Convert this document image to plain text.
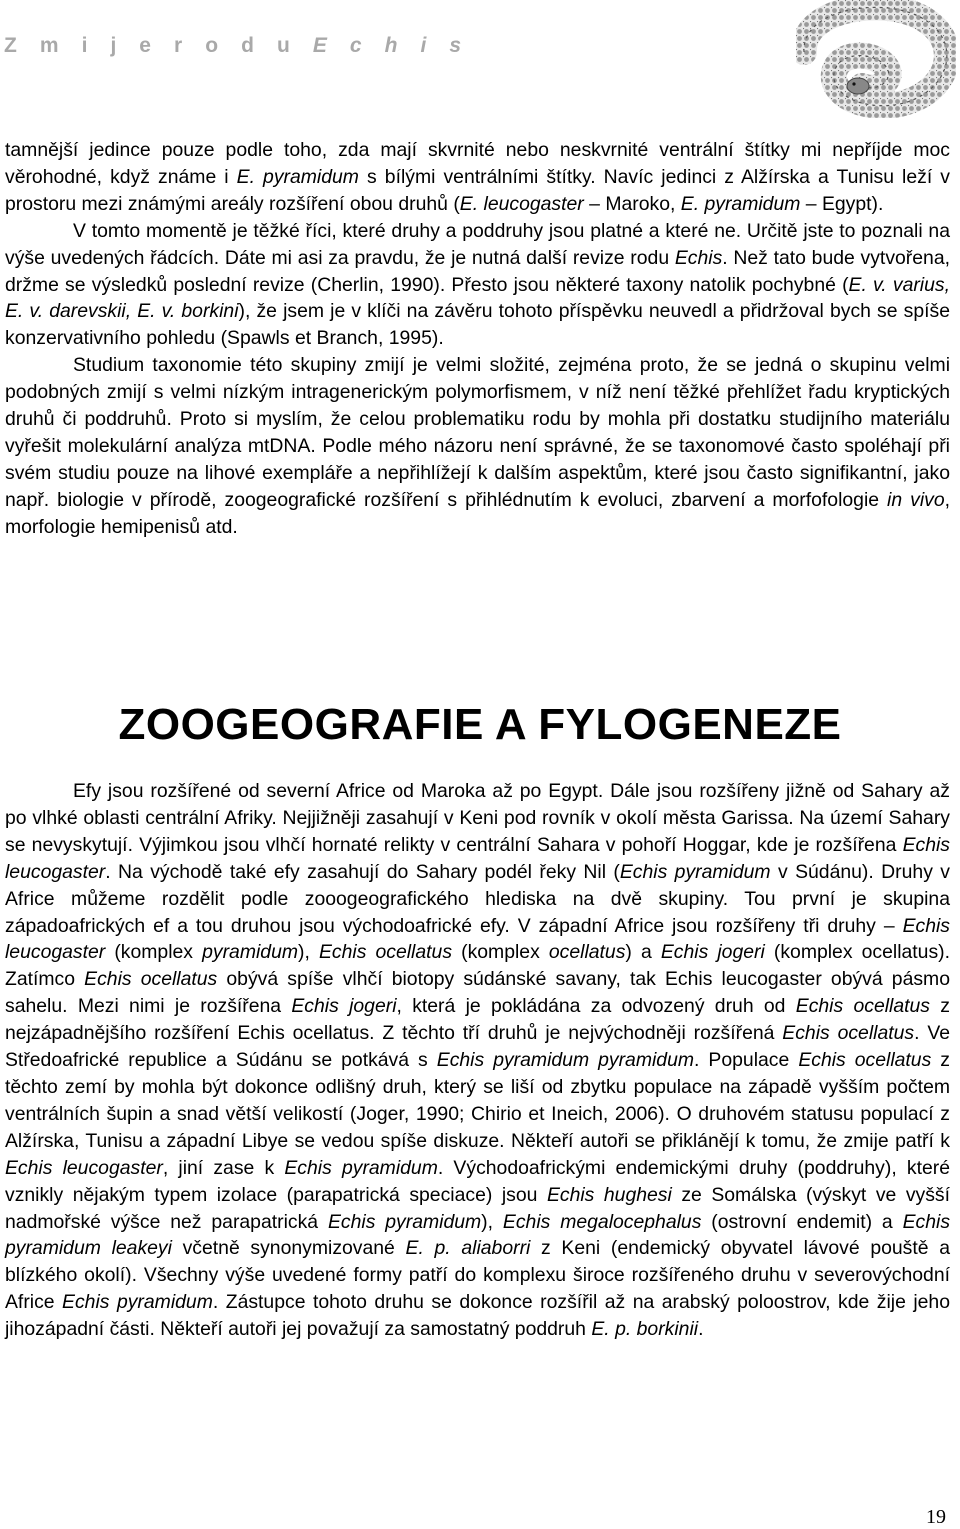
Z m i j e r o d u E c h i s

tamnější jedince pouze podle toho, zda mají skvrnité nebo neskvrnité ventrální štítky mi nepříjde moc věrohodné, když známe i E. pyramidum s bílými ventrálními štítky. Navíc jedinci z Alžírska a Tunisu leží v prostoru mezi známými areály rozšíření obou druhů (E. leucogaster – Maroko, E. pyramidum – Egypt).

V tomto momentě je těžké říci, které druhy a poddruhy jsou platné a které ne. Určitě jste to poznali na výše uvedených řádcích. Dáte mi asi za pravdu, že je nutná další revize rodu Echis. Než tato bude vytvořena, držme se výsledků poslední revize (Cherlin, 1990). Přesto jsou některé taxony natolik pochybné (E. v. varius, E. v. darevskii, E. v. borkini), že jsem je v klíči na závěru tohoto příspěvku neuvedl a přidržoval bych se spíše konzervativního pohledu (Spawls et Branch, 1995).

Studium taxonomie této skupiny zmijí je velmi složité, zejména proto, že se jedná o skupinu velmi podobných zmijí s velmi nízkým intragenerickým polymorfismem, v níž není těžké přehlížet řadu kryptických druhů či poddruhů. Proto si myslím, že celou problematiku rodu by mohla při dostatku studijního materiálu vyřešit molekulární analýza mtDNA. Podle mého názoru není správné, že se taxonomové často spoléhají při svém studiu pouze na lihové exempláře a nepřihlížejí k dalším aspektům, které jsou často signifikantní, jako např. biologie v přírodě, zoogeografické rozšíření s přihlédnutím k evoluci, zbarvení a morfofologie in vivo, morfologie hemipenisů atd.

ZOOGEOGRAFIE A FYLOGENEZE

Efy jsou rozšířené od severní Africe od Maroka až po Egypt. Dále jsou rozšířeny jižně od Sahary až po vlhké oblasti centrální Afriky. Nejjižněji zasahují v Keni pod rovník v okolí města Garissa. Na území Sahary se nevyskytují. Výjimkou jsou vlhčí hornaté relikty v centrální Sahara v pohoří Hoggar, kde je rozšířena Echis leucogaster. Na východě také efy zasahují do Sahary podél řeky Nil (Echis pyramidum v Súdánu). Druhy v Africe můžeme rozdělit podle zooogeografického hlediska na dvě skupiny. Tou první je skupina západoafrických ef a tou druhou jsou východoafrické efy. V západní Africe jsou rozšířeny tři druhy – Echis leucogaster (komplex pyramidum), Echis ocellatus (komplex ocellatus) a Echis jogeri (komplex ocellatus). Zatímco Echis ocellatus obývá spíše vlhčí biotopy súdánské savany, tak Echis leucogaster obývá pásmo sahelu. Mezi nimi je rozšířena Echis jogeri, která je pokládána za odvozený druh od Echis ocellatus z nejzápadnějšího rozšíření Echis ocellatus. Z těchto tří druhů je nejvýchodněji rozšířená Echis ocellatus. Ve Středoafrické republice a Súdánu se potkává s Echis pyramidum pyramidum. Populace Echis ocellatus z těchto zemí by mohla být dokonce odlišný druh, který se liší od zbytku populace na západě vyšším počtem ventrálních šupin a snad větší velikostí (Joger, 1990; Chirio et Ineich, 2006). O druhovém statusu populací z Alžírska, Tunisu a západní Libye se vedou spíše diskuze. Někteří autoři se přiklánějí k tomu, že zmije patří k Echis leucogaster, jiní zase k Echis pyramidum. Východoafrickými endemickými druhy (poddruhy), které vznikly nějakým typem izolace (parapatrická speciace) jsou Echis hughesi ze Somálska (výskyt ve vyšší nadmořské výšce než parapatrická Echis pyramidum), Echis megalocephalus (ostrovní endemit) a Echis pyramidum leakeyi včetně synonymizované E. p. aliaborri z Keni (endemický obyvatel lávové pouště a blízkého okolí). Všechny výše uvedené formy patří do komplexu široce rozšířeného druhu v severovýchodní Africe Echis pyramidum. Zástupce tohoto druhu se dokonce rozšířil až na arabský poloostrov, kde žije jeho jihozápadní části. Někteří autoři jej považují za samostatný poddruh E. p. borkinii.

19
